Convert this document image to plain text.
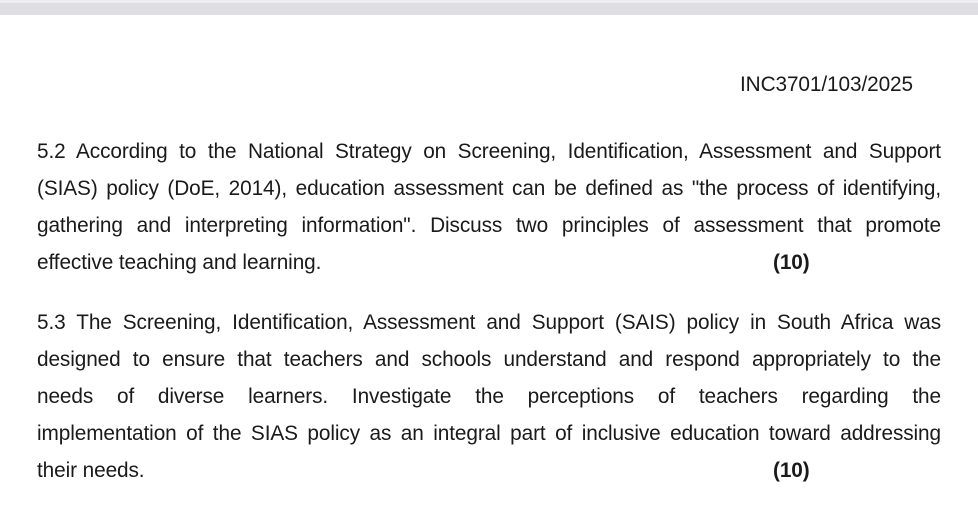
INC3701/103/2025
5.2 According to the National Strategy on Screening, Identification, Assessment and Support
(SIAS) policy (DoE, 2014), education assessment can be defined as "the process of identifying,
gathering and interpreting information". Discuss two principles of assessment that promote
effective teaching and learning.	(10)
5.3 The Screening, Identification, Assessment and Support (SAIS) policy in South Africa was
designed to ensure that teachers and schools understand and respond appropriately to the
needs of diverse learners. Investigate the perceptions of teachers regarding the
implementation of the SIAS policy as an integral part of inclusive education toward addressing
their needs.	(10)
